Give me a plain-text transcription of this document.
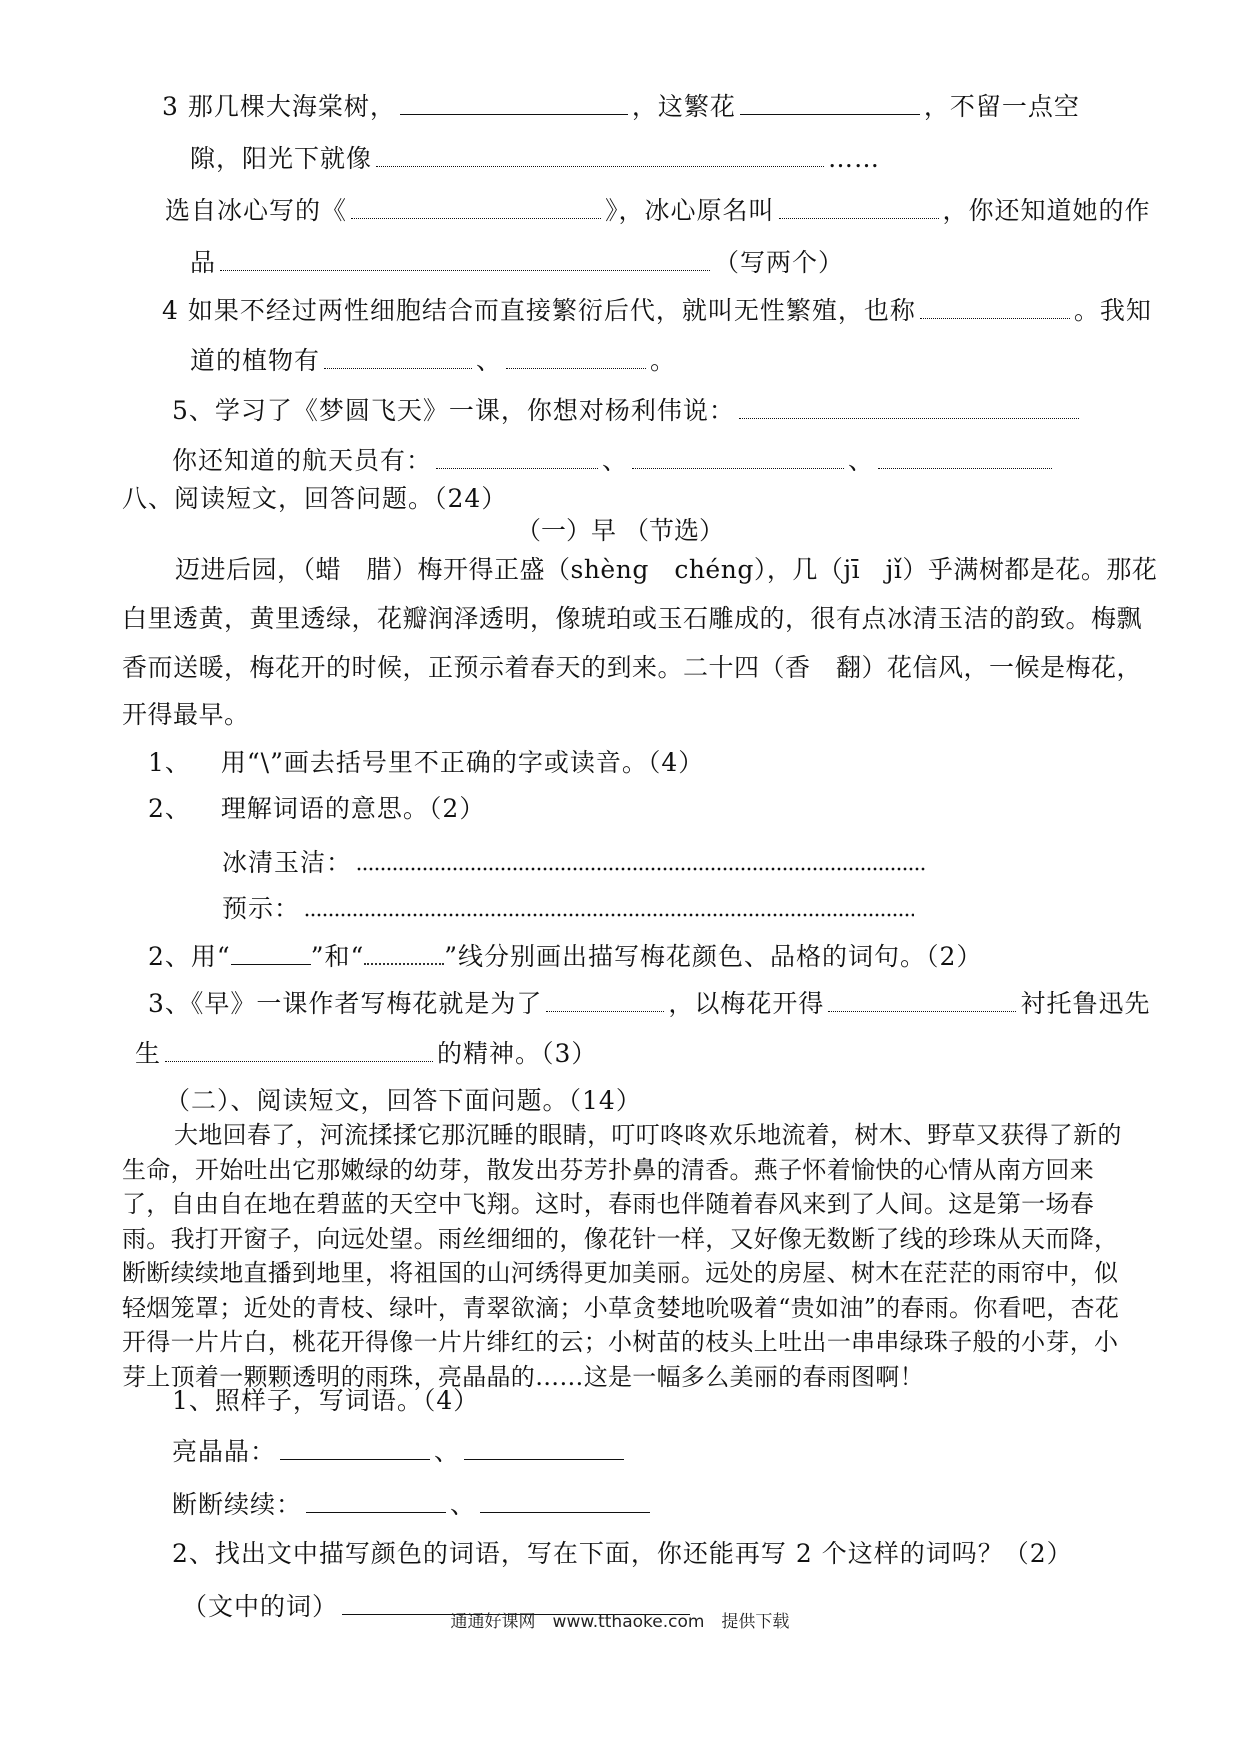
3 那几棵大海棠树，	，这繁花	，不留一点空
隙，阳光下就像	……
选自冰心写的《	》，冰心原名叫	，你还知道她的作
品	（写两个）
4 如果不经过两性细胞结合而直接繁衍后代，就叫无性繁殖，也称	。我知
道的植物有	、	。
5、学习了《梦圆飞天》一课，你想对杨利伟说：
你还知道的航天员有：	、	、
八、阅读短文，回答问题。（24）
（一）早 （节选）
迈进后园，（蜡　腊）梅开得正盛（shèng　chéng），几（jī　jǐ）乎满树都是花。那花
白里透黄，黄里透绿，花瓣润泽透明，像琥珀或玉石雕成的，很有点冰清玉洁的韵致。梅飘
香而送暖，梅花开的时候，正预示着春天的到来。二十四（香　翻）花信风，一候是梅花，
开得最早。
1、 用“\”画去括号里不正确的字或读音。（4）
2、 理解词语的意思。（2）
冰清玉洁：
预示：
2、用“	”和“	”线分别画出描写梅花颜色、品格的词句。（2）
3、《早》一课作者写梅花就是为了	，以梅花开得	衬托鲁迅先
生	的精神。（3）
（二）、阅读短文，回答下面问题。（14）
大地回春了，河流揉揉它那沉睡的眼睛，叮叮咚咚欢乐地流着，树木、野草又获得了新的生命，开始吐出它那嫩绿的幼芽，散发出芬芳扑鼻的清香。燕子怀着愉快的心情从南方回来了，自由自在地在碧蓝的天空中飞翔。这时，春雨也伴随着春风来到了人间。这是第一场春雨。我打开窗子，向远处望。雨丝细细的，像花针一样，又好像无数断了线的珍珠从天而降，断断续续地直播到地里，将祖国的山河绣得更加美丽。远处的房屋、树木在茫茫的雨帘中，似轻烟笼罩；近处的青枝、绿叶，青翠欲滴；小草贪婪地吮吸着“贵如油”的春雨。你看吧，杏花开得一片片白，桃花开得像一片片绯红的云；小树苗的枝头上吐出一串串绿珠子般的小芽，小芽上顶着一颗颗透明的雨珠，亮晶晶的……这是一幅多么美丽的春雨图啊！
1、照样子，写词语。（4）
亮晶晶：	、
断断续续：	、
2、找出文中描写颜色的词语，写在下面，你还能再写 2 个这样的词吗？（2）
（文中的词）
通通好课网　www.tthaoke.com　提供下载
